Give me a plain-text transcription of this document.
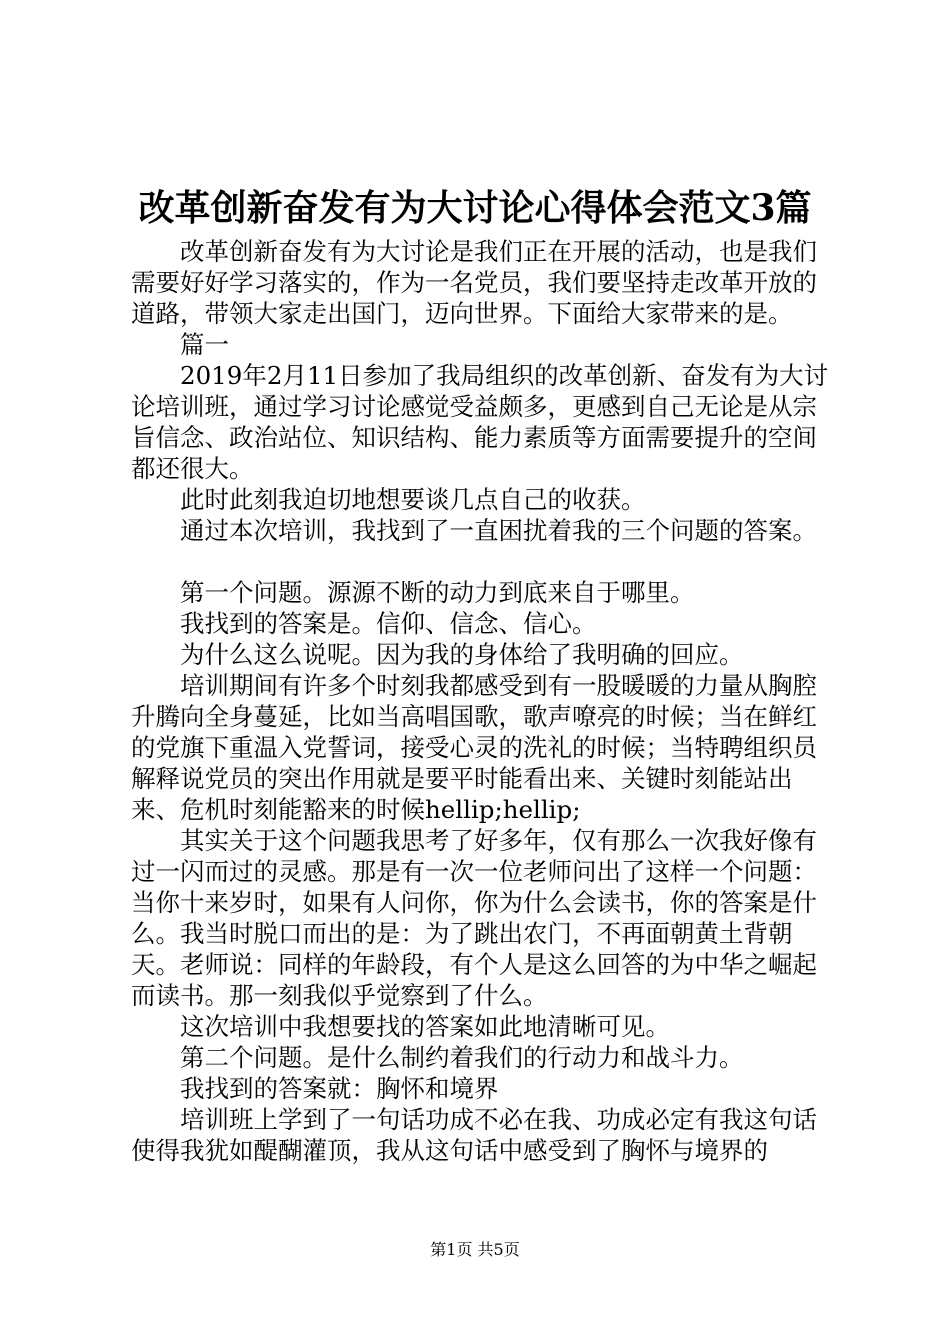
改革创新奋发有为大讨论心得体会范文3篇

改革创新奋发有为大讨论是我们正在开展的活动，也是我们需要好好学习落实的，作为一名党员，我们要坚持走改革开放的道路，带领大家走出国门，迈向世界。下面给大家带来的是。

篇一

2019年2月11日参加了我局组织的改革创新、奋发有为大讨论培训班，通过学习讨论感觉受益颇多，更感到自己无论是从宗旨信念、政治站位、知识结构、能力素质等方面需要提升的空间都还很大。

此时此刻我迫切地想要谈几点自己的收获。

通过本次培训，我找到了一直困扰着我的三个问题的答案。

第一个问题。源源不断的动力到底来自于哪里。

我找到的答案是。信仰、信念、信心。

为什么这么说呢。因为我的身体给了我明确的回应。

培训期间有许多个时刻我都感受到有一股暖暖的力量从胸腔升腾向全身蔓延，比如当高唱国歌，歌声嘹亮的时候；当在鲜红的党旗下重温入党誓词，接受心灵的洗礼的时候；当特聘组织员解释说党员的突出作用就是要平时能看出来、关键时刻能站出来、危机时刻能豁来的时候hellip;hellip;

其实关于这个问题我思考了好多年，仅有那么一次我好像有过一闪而过的灵感。那是有一次一位老师问出了这样一个问题：当你十来岁时，如果有人问你，你为什么会读书，你的答案是什么。我当时脱口而出的是：为了跳出农门，不再面朝黄土背朝天。老师说：同样的年龄段，有个人是这么回答的为中华之崛起而读书。那一刻我似乎觉察到了什么。

这次培训中我想要找的答案如此地清晰可见。

第二个问题。是什么制约着我们的行动力和战斗力。

我找到的答案就：胸怀和境界

培训班上学到了一句话功成不必在我、功成必定有我这句话使得我犹如醍醐灌顶，我从这句话中感受到了胸怀与境界的

第1页 共5页
